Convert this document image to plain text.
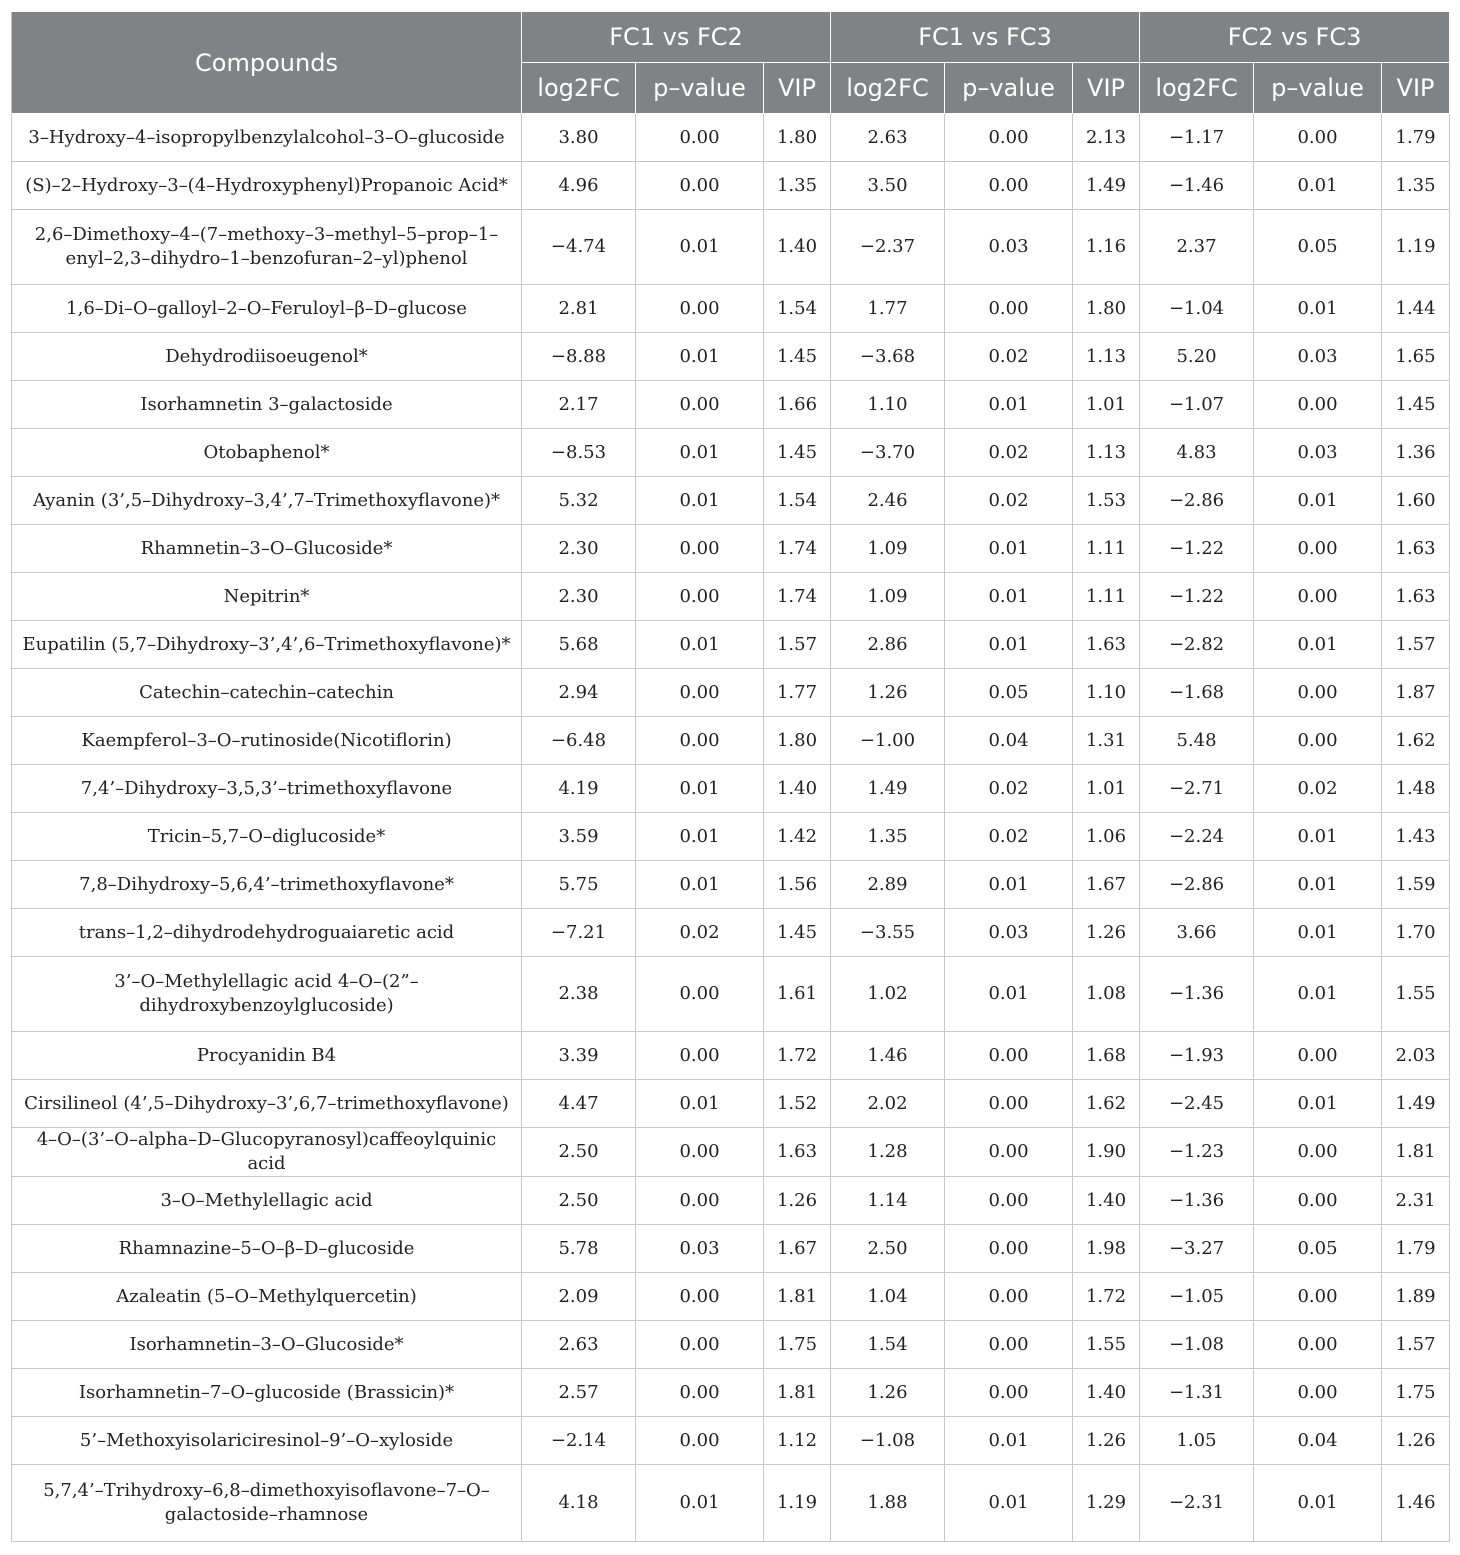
Compounds	FC1 vs FC2			FC1 vs FC3			FC2 vs FC3		
	log2FC	p–value	VIP	log2FC	p–value	VIP	log2FC	p–value	VIP
3–Hydroxy–4–isopropylbenzylalcohol–3–O–glucoside	3.80	0.00	1.80	2.63	0.00	2.13	−1.17	0.00	1.79
(S)–2–Hydroxy–3–(4–Hydroxyphenyl)Propanoic Acid*	4.96	0.00	1.35	3.50	0.00	1.49	−1.46	0.01	1.35
2,6–Dimethoxy–4–(7–methoxy–3–methyl–5–prop–1–enyl–2,3–dihydro–1–benzofuran–2–yl)phenol	−4.74	0.01	1.40	−2.37	0.03	1.16	2.37	0.05	1.19
1,6–Di–O–galloyl–2–O–Feruloyl–β–D–glucose	2.81	0.00	1.54	1.77	0.00	1.80	−1.04	0.01	1.44
Dehydrodiisoeugenol*	−8.88	0.01	1.45	−3.68	0.02	1.13	5.20	0.03	1.65
Isorhamnetin 3–galactoside	2.17	0.00	1.66	1.10	0.01	1.01	−1.07	0.00	1.45
Otobaphenol*	−8.53	0.01	1.45	−3.70	0.02	1.13	4.83	0.03	1.36
Ayanin (3’,5–Dihydroxy–3,4’,7–Trimethoxyflavone)*	5.32	0.01	1.54	2.46	0.02	1.53	−2.86	0.01	1.60
Rhamnetin–3–O–Glucoside*	2.30	0.00	1.74	1.09	0.01	1.11	−1.22	0.00	1.63
Nepitrin*	2.30	0.00	1.74	1.09	0.01	1.11	−1.22	0.00	1.63
Eupatilin (5,7–Dihydroxy–3’,4’,6–Trimethoxyflavone)*	5.68	0.01	1.57	2.86	0.01	1.63	−2.82	0.01	1.57
Catechin–catechin–catechin	2.94	0.00	1.77	1.26	0.05	1.10	−1.68	0.00	1.87
Kaempferol–3–O–rutinoside(Nicotiflorin)	−6.48	0.00	1.80	−1.00	0.04	1.31	5.48	0.00	1.62
7,4’–Dihydroxy–3,5,3’–trimethoxyflavone	4.19	0.01	1.40	1.49	0.02	1.01	−2.71	0.02	1.48
Tricin–5,7–O–diglucoside*	3.59	0.01	1.42	1.35	0.02	1.06	−2.24	0.01	1.43
7,8–Dihydroxy–5,6,4’–trimethoxyflavone*	5.75	0.01	1.56	2.89	0.01	1.67	−2.86	0.01	1.59
trans–1,2–dihydrodehydroguaiaretic acid	−7.21	0.02	1.45	−3.55	0.03	1.26	3.66	0.01	1.70
3’–O–Methylellagic acid 4–O–(2”–dihydroxybenzoylglucoside)	2.38	0.00	1.61	1.02	0.01	1.08	−1.36	0.01	1.55
Procyanidin B4	3.39	0.00	1.72	1.46	0.00	1.68	−1.93	0.00	2.03
Cirsilineol (4’,5–Dihydroxy–3’,6,7–trimethoxyflavone)	4.47	0.01	1.52	2.02	0.00	1.62	−2.45	0.01	1.49
4–O–(3’–O–alpha–D–Glucopyranosyl)caffeoylquinic acid	2.50	0.00	1.63	1.28	0.00	1.90	−1.23	0.00	1.81
3–O–Methylellagic acid	2.50	0.00	1.26	1.14	0.00	1.40	−1.36	0.00	2.31
Rhamnazine–5–O–β–D–glucoside	5.78	0.03	1.67	2.50	0.00	1.98	−3.27	0.05	1.79
Azaleatin (5–O–Methylquercetin)	2.09	0.00	1.81	1.04	0.00	1.72	−1.05	0.00	1.89
Isorhamnetin–3–O–Glucoside*	2.63	0.00	1.75	1.54	0.00	1.55	−1.08	0.00	1.57
Isorhamnetin–7–O–glucoside (Brassicin)*	2.57	0.00	1.81	1.26	0.00	1.40	−1.31	0.00	1.75
5’–Methoxyisolariciresinol–9’–O–xyloside	−2.14	0.00	1.12	−1.08	0.01	1.26	1.05	0.04	1.26
5,7,4’–Trihydroxy–6,8–dimethoxyisoflavone–7–O–galactoside–rhamnose	4.18	0.01	1.19	1.88	0.01	1.29	−2.31	0.01	1.46
